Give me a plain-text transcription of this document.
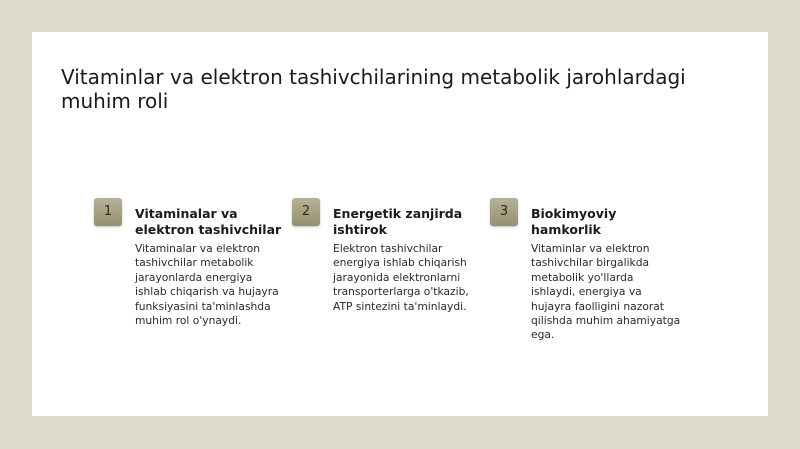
Vitaminlar va elektron tashivchilarining metabolik jarohlardagi muhim roli
1	Vitaminalar va elektron tashivchilar
Vitaminalar va elektron tashivchilar metabolik jarayonlarda energiya ishlab chiqarish va hujayra funksiyasini ta'minlashda muhim rol o'ynaydi.
2	Energetik zanjirda ishtirok
Elektron tashivchilar energiya ishlab chiqarish jarayonida elektronlarni transporterlarga o'tkazib, ATP sintezini ta'minlaydi.
3	Biokimyoviy hamkorlik
Vitaminlar va elektron tashivchilar birgalikda metabolik yo'llarda ishlaydi, energiya va hujayra faolligini nazorat qilishda muhim ahamiyatga ega.
